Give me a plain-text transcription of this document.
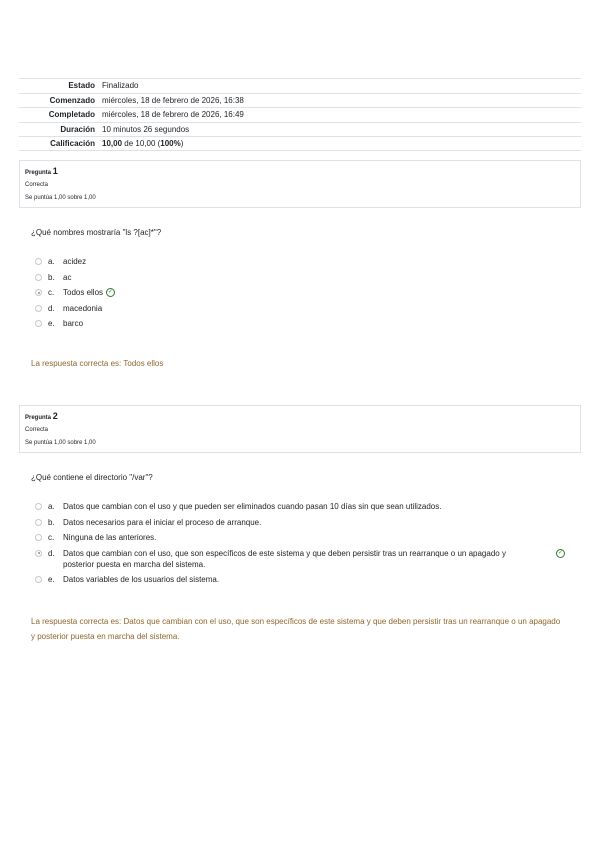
Estado Finalizado
Comenzado miércoles, 18 de febrero de 2026, 16:38
Completado miércoles, 18 de febrero de 2026, 16:49
Duración 10 minutos 26 segundos
Calificación 10,00 de 10,00 (100%)
Pregunta 1
Correcta
Se puntúa 1,00 sobre 1,00
¿Qué nombres mostraría "ls ?[ac]*"?
a.	acidez
b.	ac
c.	Todos ellos ✓
d.	macedonia
e.	barco
La respuesta correcta es: Todos ellos
Pregunta 2
Correcta
Se puntúa 1,00 sobre 1,00
¿Qué contiene el directorio "/var"?
a.	Datos que cambian con el uso y que pueden ser eliminados cuando pasan 10 días sin que sean utilizados.
b.	Datos necesarios para el iniciar el proceso de arranque.
c.	Ninguna de las anteriores.
d.	Datos que cambian con el uso, que son específicos de este sistema y que deben persistir tras un rearranque o un apagado y posterior puesta en marcha del sistema.
✓
e.	Datos variables de los usuarios del sistema.
La respuesta correcta es: Datos que cambian con el uso, que son específicos de este sistema y que deben persistir tras un rearranque o un apagado y posterior puesta en marcha del sistema.
